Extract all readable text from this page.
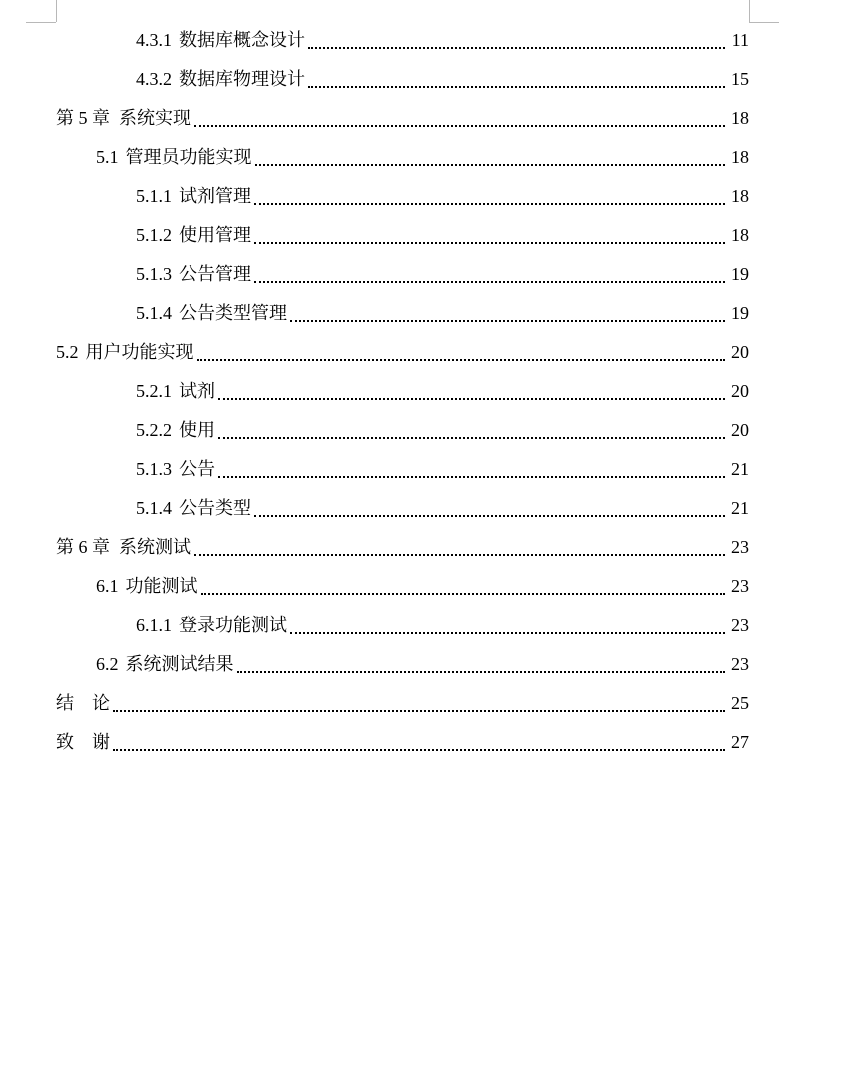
4.3.1 数据库概念设计	11
4.3.2 数据库物理设计	15
第 5 章 系统实现	18
5.1 管理员功能实现	18
5.1.1 试剂管理	18
5.1.2 使用管理	18
5.1.3 公告管理	19
5.1.4 公告类型管理	19
5.2 用户功能实现	20
5.2.1 试剂	20
5.2.2 使用	20
5.1.3 公告	21
5.1.4 公告类型	21
第 6 章 系统测试	23
6.1 功能测试	23
6.1.1 登录功能测试	23
6.2 系统测试结果	23
结　论	25
致　谢	27
